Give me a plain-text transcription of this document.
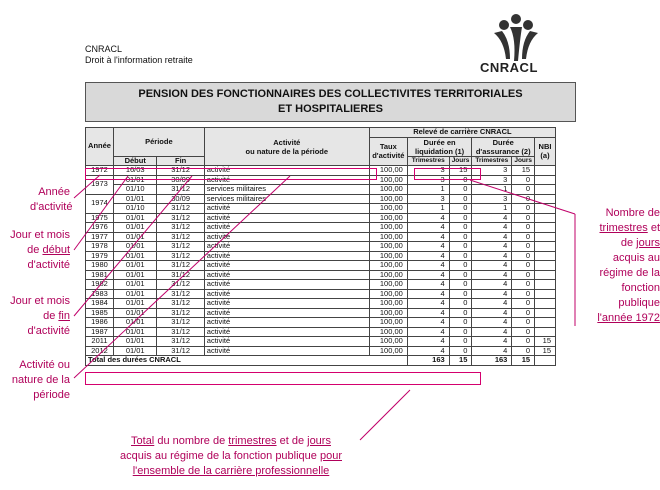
CNRACL
CNRACL
Droit à l'information retraite
PENSION DES FONCTIONNAIRES DES COLLECTIVITES TERRITORIALES
ET HOSPITALIERES
Année	Période		Activité
ou nature de la période	Relevé de carrière CNRACL					
				Taux d'activité	Durée en liquidation (1)		Durée d'assurance (2)		NBI (a)
	Début	Fin			Trimestres	Jours	Trimestres	Jours	
1972	16/03	31/12	activité	100,00	3	15	3	15	
1973	01/01	30/09	activité	100,00	3	0	3	0	
	01/10	31/12	services militaires	100,00	1	0	1	0	
1974	01/01	30/09	services militaires	100,00	3	0	3	0	
	01/10	31/12	activité	100,00	1	0	1	0	
1975	01/01	31/12	activité	100,00	4	0	4	0	
1976	01/01	31/12	activité	100,00	4	0	4	0	
1977	01/01	31/12	activité	100,00	4	0	4	0	
1978	01/01	31/12	activité	100,00	4	0	4	0	
1979	01/01	31/12	activité	100,00	4	0	4	0	
1980	01/01	31/12	activité	100,00	4	0	4	0	
1981	01/01	31/12	activité	100,00	4	0	4	0	
1982	01/01	31/12	activité	100,00	4	0	4	0	
1983	01/01	31/12	activité	100,00	4	0	4	0	
1984	01/01	31/12	activité	100,00	4	0	4	0	
1985	01/01	31/12	activité	100,00	4	0	4	0	
1986	01/01	31/12	activité	100,00	4	0	4	0	
1987	01/01	31/12	activité	100,00	4	0	4	0	
2011	01/01	31/12	activité	100,00	4	0	4	0	15
2012	01/01	31/12	activité	100,00	4	0	4	0	15
Total des durées CNRACL					163	15	163	15	
Année
d'activité
Jour et mois
de début
d'activité
Jour et mois
de fin
d'activité
Activité ou
nature de la
période
Nombre de
trimestres et
de jours
acquis au
régime de la
fonction
publique
l'année 1972
Total du nombre de trimestres et de jours
acquis au régime de la fonction publique pour
l'ensemble de la carrière professionnelle
